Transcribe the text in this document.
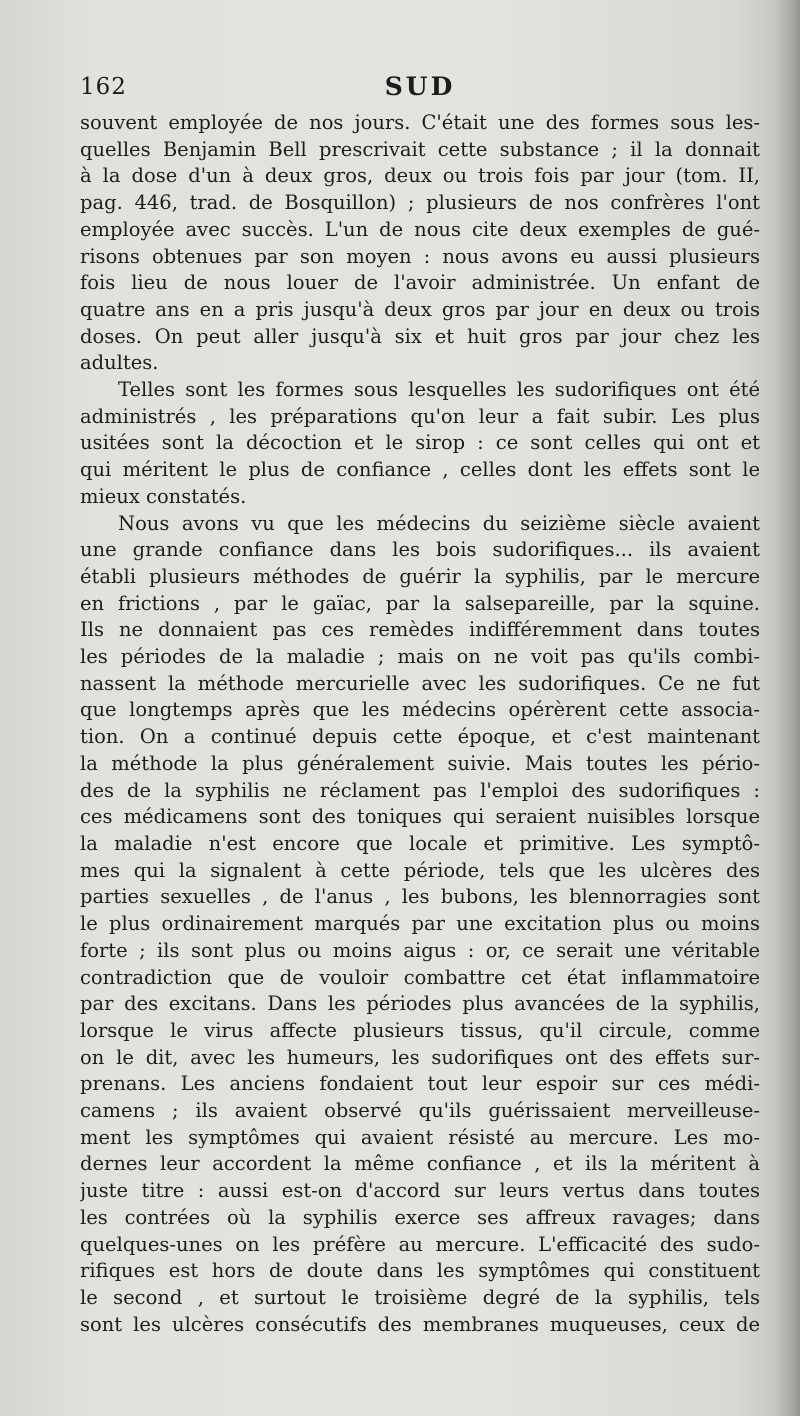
162	SUD
souvent employée de nos jours. C'était une des formes sous les-
quelles Benjamin Bell prescrivait cette substance ; il la donnait
à la dose d'un à deux gros, deux ou trois fois par jour (tom. II,
pag. 446, trad. de Bosquillon) ; plusieurs de nos confrères l'ont
employée avec succès. L'un de nous cite deux exemples de gué-
risons obtenues par son moyen : nous avons eu aussi plusieurs
fois lieu de nous louer de l'avoir administrée. Un enfant de
quatre ans en a pris jusqu'à deux gros par jour en deux ou trois
doses. On peut aller jusqu'à six et huit gros par jour chez les
adultes.
Telles sont les formes sous lesquelles les sudorifiques ont été
administrés , les préparations qu'on leur a fait subir. Les plus
usitées sont la décoction et le sirop : ce sont celles qui ont et
qui méritent le plus de confiance , celles dont les effets sont le
mieux constatés.
Nous avons vu que les médecins du seizième siècle avaient
une grande confiance dans les bois sudorifiques... ils avaient
établi plusieurs méthodes de guérir la syphilis, par le mercure
en frictions , par le gaïac, par la salsepareille, par la squine.
Ils ne donnaient pas ces remèdes indifféremment dans toutes
les périodes de la maladie ; mais on ne voit pas qu'ils combi-
nassent la méthode mercurielle avec les sudorifiques. Ce ne fut
que longtemps après que les médecins opérèrent cette associa-
tion. On a continué depuis cette époque, et c'est maintenant
la méthode la plus généralement suivie. Mais toutes les pério-
des de la syphilis ne réclament pas l'emploi des sudorifiques :
ces médicamens sont des toniques qui seraient nuisibles lorsque
la maladie n'est encore que locale et primitive. Les symptô-
mes qui la signalent à cette période, tels que les ulcères des
parties sexuelles , de l'anus , les bubons, les blennorragies sont
le plus ordinairement marqués par une excitation plus ou moins
forte ; ils sont plus ou moins aigus : or, ce serait une véritable
contradiction que de vouloir combattre cet état inflammatoire
par des excitans. Dans les périodes plus avancées de la syphilis,
lorsque le virus affecte plusieurs tissus, qu'il circule, comme
on le dit, avec les humeurs, les sudorifiques ont des effets sur-
prenans. Les anciens fondaient tout leur espoir sur ces médi-
camens ; ils avaient observé qu'ils guérissaient merveilleuse-
ment les symptômes qui avaient résisté au mercure. Les mo-
dernes leur accordent la même confiance , et ils la méritent à
juste titre : aussi est-on d'accord sur leurs vertus dans toutes
les contrées où la syphilis exerce ses affreux ravages; dans
quelques-unes on les préfère au mercure. L'efficacité des sudo-
rifiques est hors de doute dans les symptômes qui constituent
le second , et surtout le troisième degré de la syphilis, tels
sont les ulcères consécutifs des membranes muqueuses, ceux de
